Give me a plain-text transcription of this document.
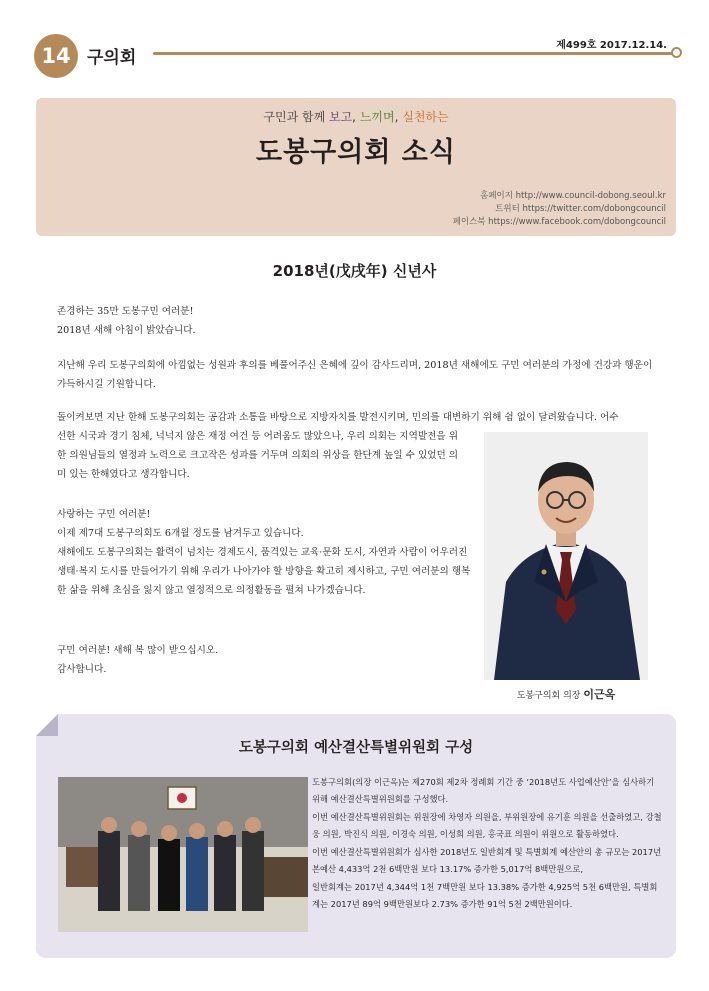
14 구의회
제499호 2017.12.14.
구민과 함께 보고, 느끼며, 실천하는
도봉구의회 소식
홈페이지 http://www.council-dobong.seoul.kr
트위터 https://twitter.com/dobongcouncil
페이스북 https://www.facebook.com/dobongcouncil
2018년(戊戌年) 신년사
존경하는 35만 도봉구민 여러분!
2018년 새해 아침이 밝았습니다.
지난해 우리 도봉구의회에 아낌없는 성원과 후의를 베풀어주신 은혜에 깊이 감사드리며, 2018년 새해에도 구민 여러분의 가정에 건강과 행운이 가득하시길 기원합니다.
돌이켜보면 지난 한해 도봉구의회는 공감과 소통을 바탕으로 지방자치를 발전시키며, 민의를 대변하기 위해 쉼 없이 달려왔습니다. 어수
선한 시국과 경기 침체, 넉넉지 않은 재정 여건 등 어려움도 많았으나, 우리 의회는 지역발전을 위한 의원님들의 열정과 노력으로 크고작은 성과를 거두며 의회의 위상을 한단계 높일 수 있었던 의미 있는 한해였다고 생각합니다.
사랑하는 구민 여러분!
이제 제7대 도봉구의회도 6개월 정도를 남겨두고 있습니다.
새해에도 도봉구의회는 활력이 넘치는 경제도시, 품격있는 교육·문화 도시, 자연과 사람이 어우러진 생태·복지 도시를 만들어가기 위해 우리가 나아가야 할 방향을 확고히 제시하고, 구민 여러분의 행복한 삶을 위해 초심을 잃지 않고 열정적으로 의정활동을 펼쳐 나가겠습니다.
구민 여러분! 새해 복 많이 받으십시오.
감사합니다.
도봉구의회 의장 이근옥
도봉구의회 예산결산특별위원회 구성

도봉구의회(의장 이근옥)는 제270회 제2차 정례회 기간 중 ‘2018년도 사업예산안’을 심사하기 위해 예산결산특별위원회를 구성했다.

이번 예산결산특별위원회는 위원장에 차영자 의원을, 부위원장에 유기훈 의원을 선출하였고, 강철웅 의원, 박진식 의원, 이경숙 의원, 이성희 의원, 홍국표 의원이 위원으로 활동하였다.

이번 예산결산특별위원회가 심사한 2018년도 일반회계 및 특별회계 예산안의 총 규모는 2017년 본예산 4,433억 2천 6백만원 보다 13.17% 증가한 5,017억 8백만원으로,

일반회계는 2017년 4,344억 1천 7백만원 보다 13.38% 증가한 4,925억 5천 6백만원, 특별회계는 2017년 89억 9백만원보다 2.73% 증가한 91억 5천 2백만원이다.
